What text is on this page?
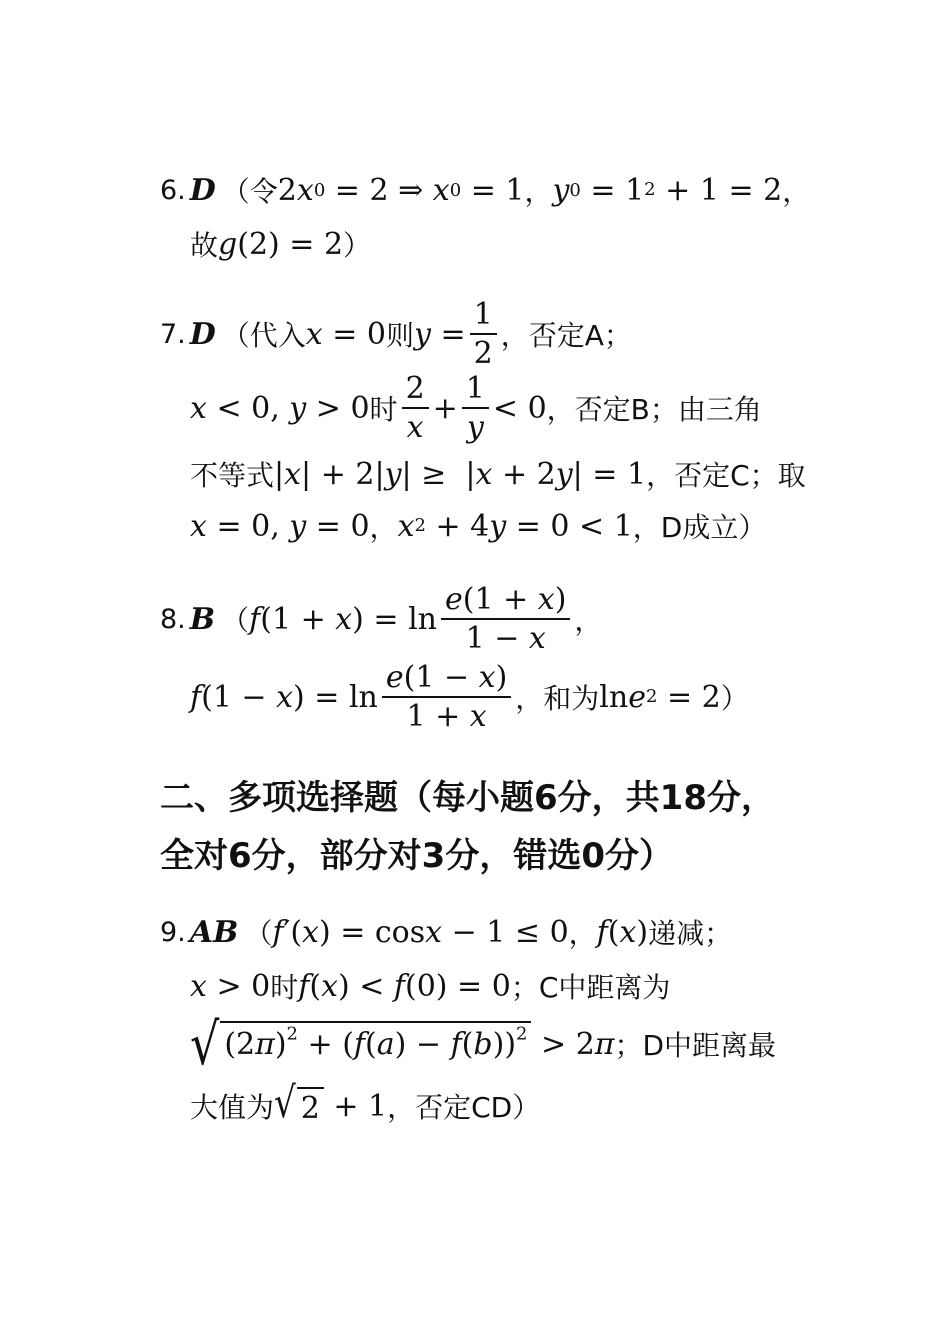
6. D （令 2 x 0 = 2 ⇒ x 0 = 1 ， y 0 = 1 2 + 1 = 2 ，
故 g (2) = 2 ）
7. D （代入 x = 0 则 $y = \frac{1}{2}$ ，否定A；
x < 0, y > 0 时 $\frac{2}{x} + \frac{1}{y} < 0$ ，否定B；由三角
不等式 | x | + 2| y | ≥  | x + 2 y | = 1 ，否定C；取
x = 0, y = 0 ， x 2 + 4 y = 0 < 1 ，D成立）
8. B （ f (1 + x ) = $\ln \frac{e(1 + x)}{1 - x}$ ，
f (1 − x ) = $\ln \frac{e(1 - x)}{1 + x}$ ，和为 ln e 2 = 2 ）
二、多项选择题（每小题6分，共18分，
全对6分，部分对3分，错选0分）
9. AB （ f ′( x ) = cos x − 1 ≤ 0 ， f ( x ) 递减；
x > 0 时 f ( x ) < f (0) = 0 ；C中距离为
√ $(2\pi)^2 + (f(a) - f(b))^2 > 2$ π ；D中距离最
大值为 √ 2 + 1 ，否定CD）
